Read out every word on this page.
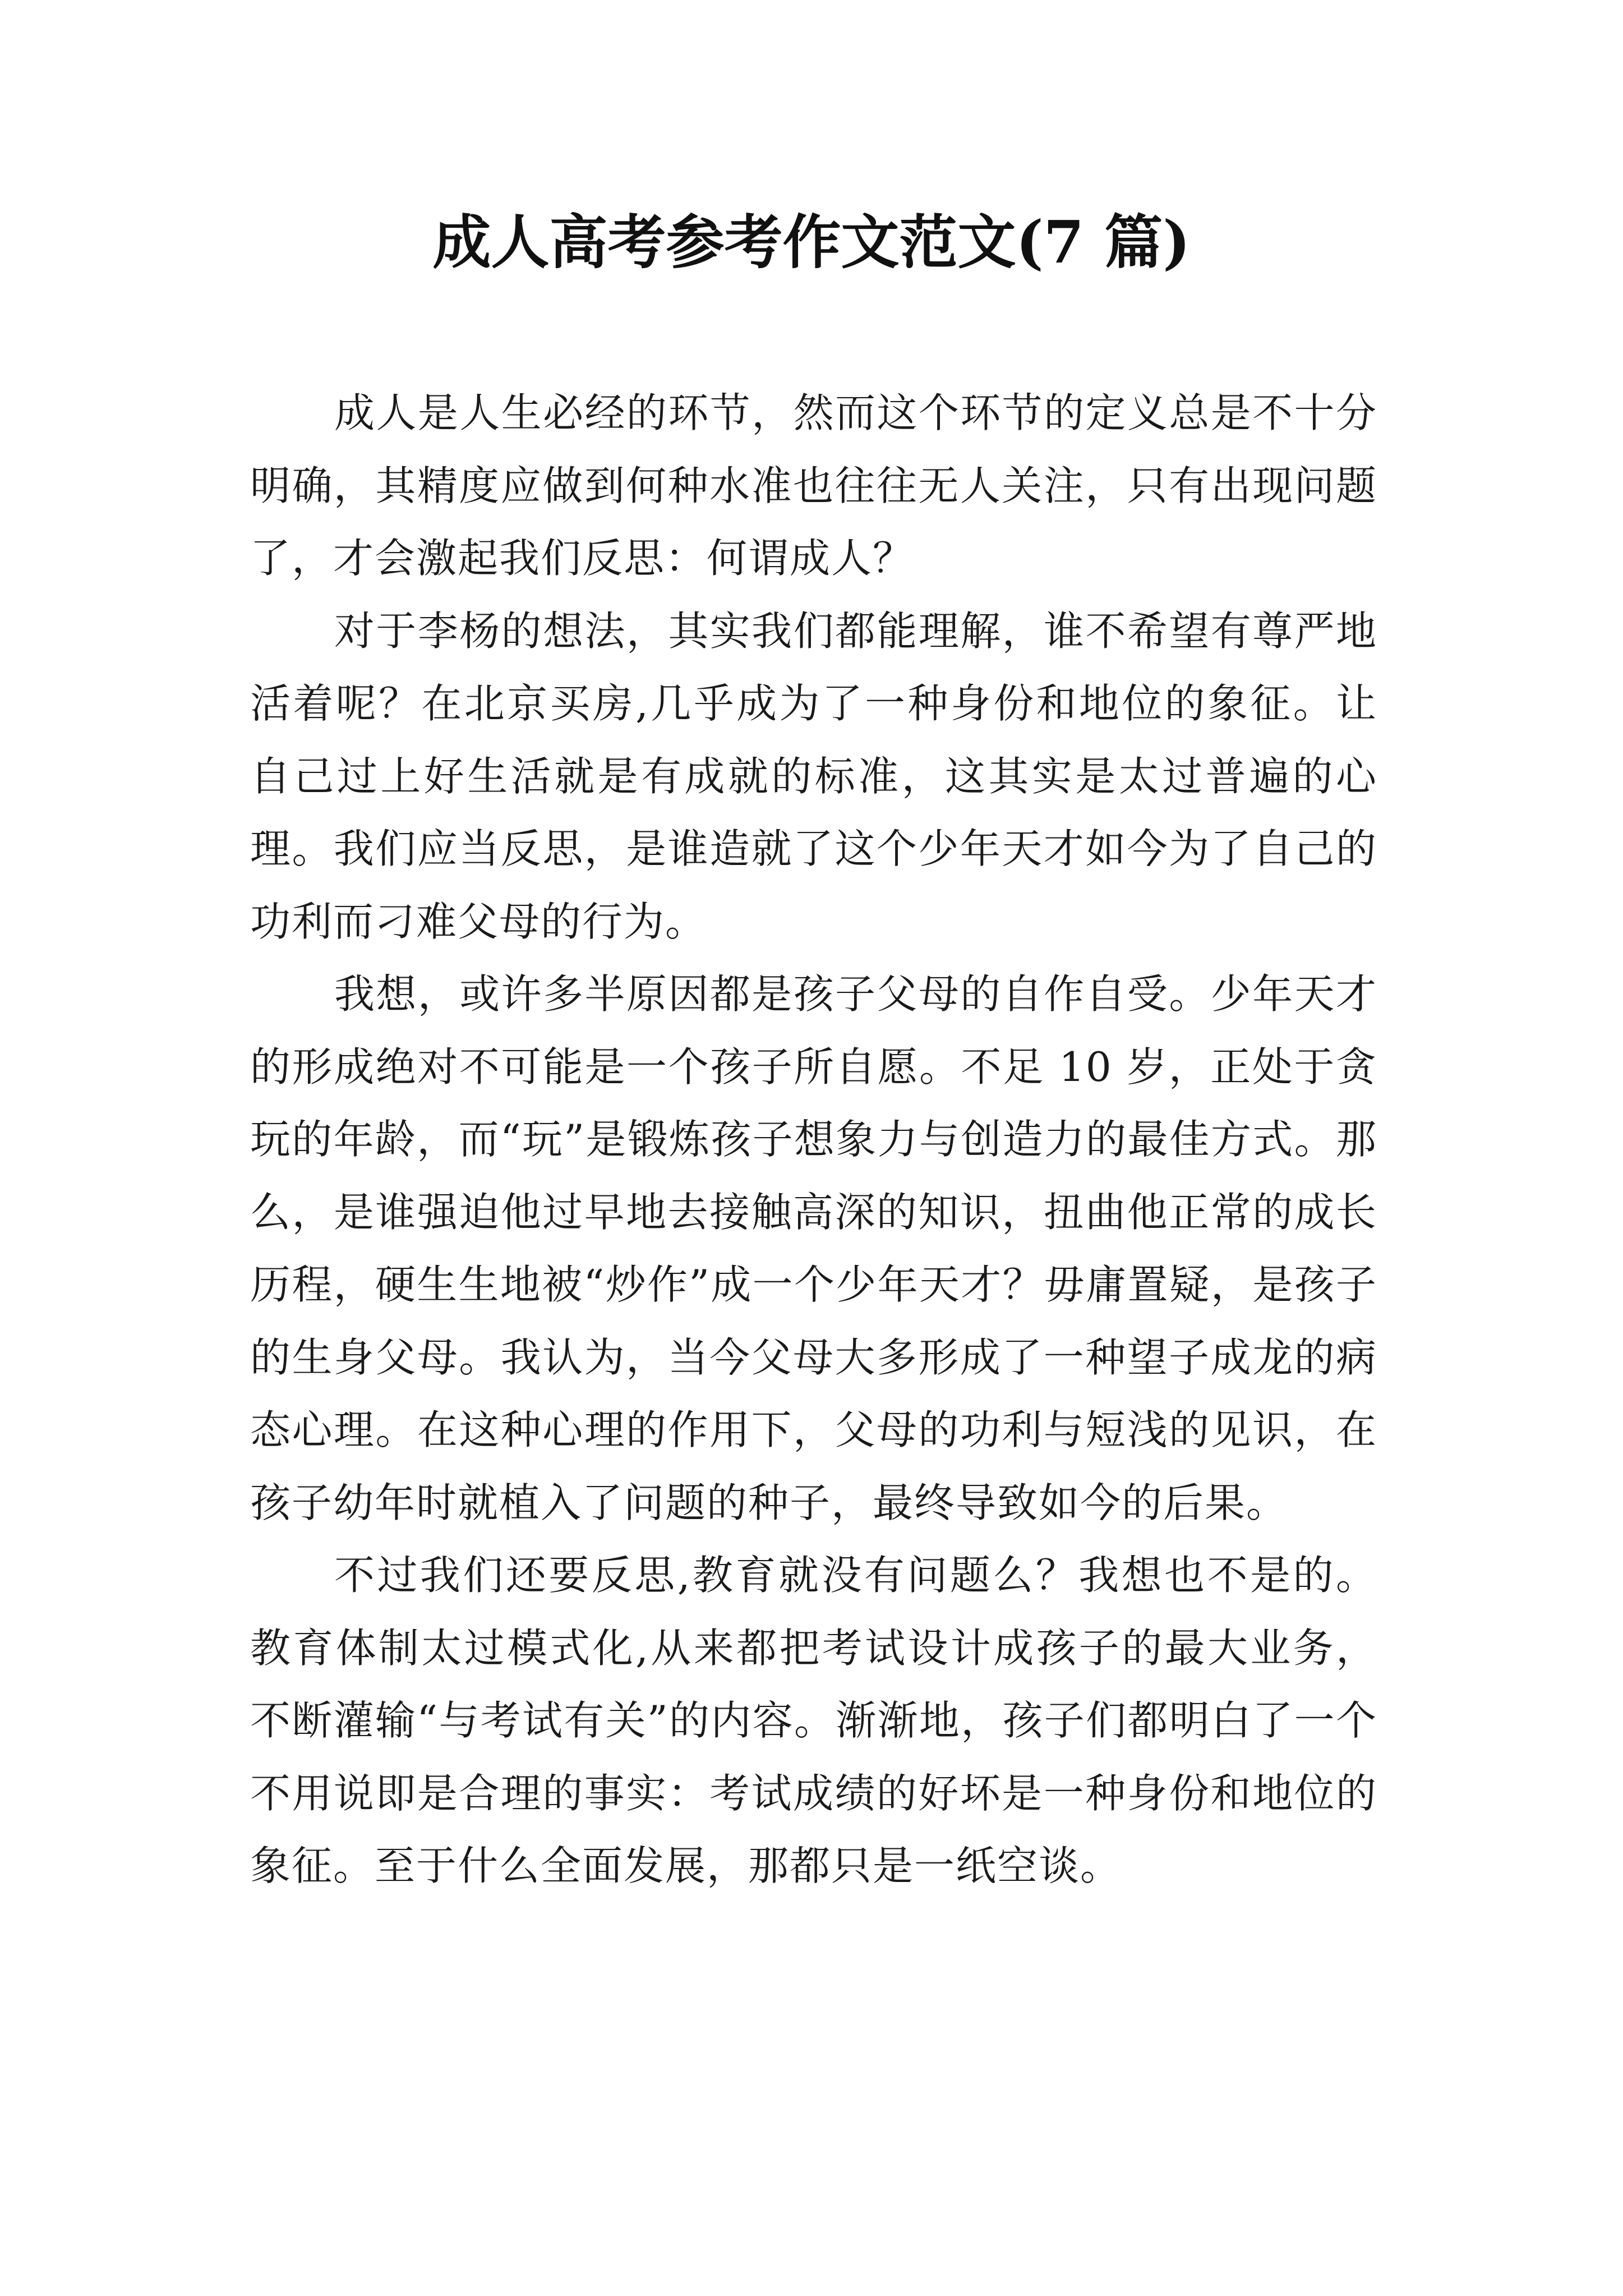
成人高考参考作文范文(7 篇)

成人是人生必经的环节，然而这个环节的定义总是不十分明确，其精度应做到何种水准也往往无人关注，只有出现问题了，才会激起我们反思：何谓成人？

对于李杨的想法，其实我们都能理解，谁不希望有尊严地活着呢？在北京买房,几乎成为了一种身份和地位的象征。让自己过上好生活就是有成就的标准，这其实是太过普遍的心理。我们应当反思，是谁造就了这个少年天才如今为了自己的功利而刁难父母的行为。

我想，或许多半原因都是孩子父母的自作自受。少年天才的形成绝对不可能是一个孩子所自愿。不足 10 岁，正处于贪玩的年龄，而“玩”是锻炼孩子想象力与创造力的最佳方式。那么，是谁强迫他过早地去接触高深的知识，扭曲他正常的成长历程，硬生生地被“炒作”成一个少年天才？毋庸置疑，是孩子的生身父母。我认为，当今父母大多形成了一种望子成龙的病态心理。在这种心理的作用下，父母的功利与短浅的见识，在孩子幼年时就植入了问题的种子，最终导致如今的后果。

不过我们还要反思,教育就没有问题么？我想也不是的。教育体制太过模式化,从来都把考试设计成孩子的最大业务，不断灌输“与考试有关”的内容。渐渐地，孩子们都明白了一个不用说即是合理的事实：考试成绩的好坏是一种身份和地位的象征。至于什么全面发展，那都只是一纸空谈。
